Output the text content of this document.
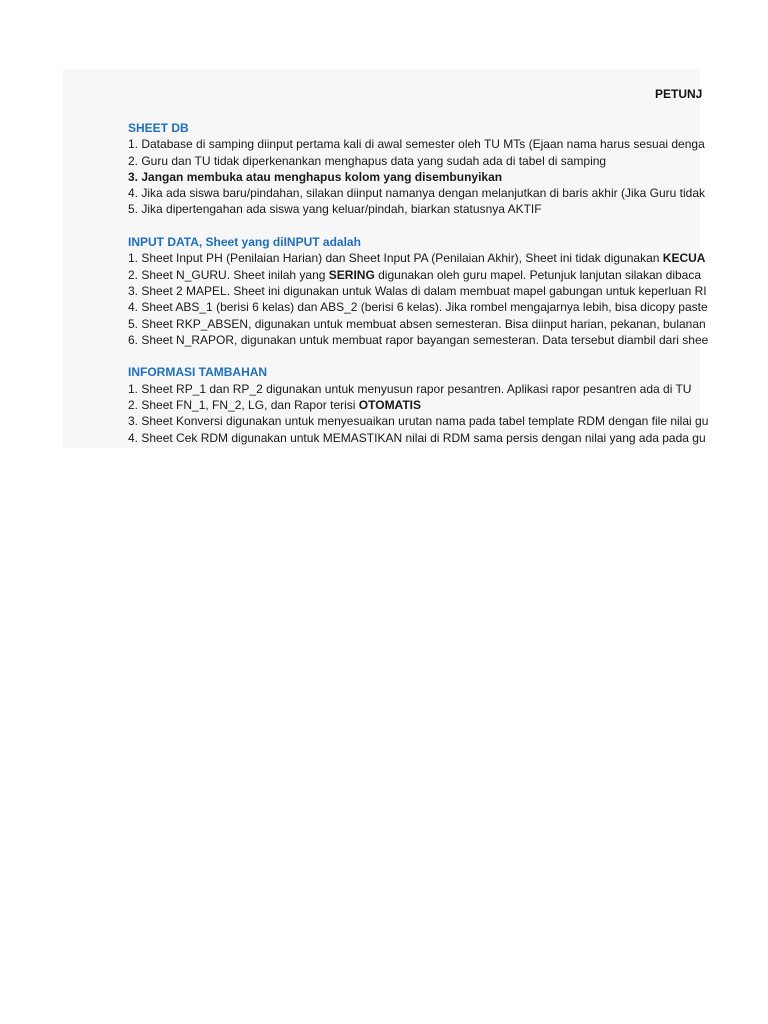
PETUNJ
SHEET DB
1. Database di samping diinput pertama kali di awal semester oleh TU MTs (Ejaan nama harus sesuai denga
2. Guru dan TU tidak diperkenankan menghapus data yang sudah ada di tabel di samping
3. Jangan membuka atau menghapus kolom yang disembunyikan
4. Jika ada siswa baru/pindahan, silakan diinput namanya dengan melanjutkan di baris akhir (Jika Guru tidak
5. Jika dipertengahan ada siswa yang keluar/pindah, biarkan statusnya AKTIF
INPUT DATA, Sheet yang diINPUT adalah
1. Sheet Input PH (Penilaian Harian) dan Sheet Input PA (Penilaian Akhir), Sheet ini tidak digunakan KECUA
2. Sheet N_GURU. Sheet inilah yang SERING digunakan oleh guru mapel. Petunjuk lanjutan silakan dibaca
3. Sheet 2 MAPEL. Sheet ini digunakan untuk Walas di dalam membuat mapel gabungan untuk keperluan RI
4. Sheet ABS_1 (berisi 6 kelas) dan ABS_2 (berisi 6 kelas). Jika rombel mengajarnya lebih, bisa dicopy paste
5. Sheet RKP_ABSEN, digunakan untuk membuat absen semesteran. Bisa diinput harian, pekanan, bulanan
6. Sheet N_RAPOR, digunakan untuk membuat rapor bayangan semesteran. Data tersebut diambil dari shee
INFORMASI TAMBAHAN
1. Sheet RP_1 dan RP_2 digunakan untuk menyusun rapor pesantren. Aplikasi rapor pesantren ada di TU
2. Sheet FN_1, FN_2, LG, dan Rapor terisi OTOMATIS
3. Sheet Konversi digunakan untuk menyesuaikan urutan nama pada tabel template RDM dengan file nilai gu
4. Sheet Cek RDM digunakan untuk MEMASTIKAN nilai di RDM sama persis dengan nilai yang ada pada gu
